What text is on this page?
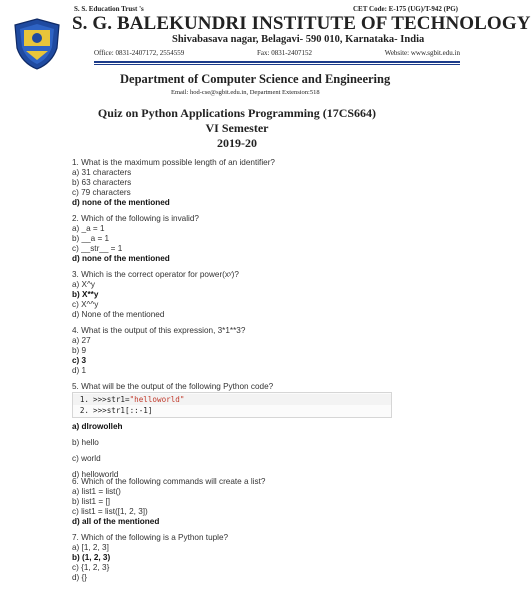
S. S. Education Trust 's	CET Code: E-175 (UG)/T-942 (PG)
S. G. BALEKUNDRI INSTITUTE OF TECHNOLOGY
Shivabasava nagar, Belagavi- 590 010, Karnataka- India
Office: 0831-2407172, 2554559	Fax: 0831-2407152	Website: www.sgbit.edu.in
Department of Computer Science and Engineering
Email: hod-cse@sgbit.edu.in, Department Extension:518
Quiz on Python Applications Programming (17CS664)
VI Semester
2019-20
1. What is the maximum possible length of an identifier?
a) 31 characters
b) 63 characters
c) 79 characters
d) none of the mentioned
2. Which of the following is invalid?
a) _a = 1
b) __a = 1
c) __str__ = 1
d) none of the mentioned
3. Which is the correct operator for power(xʸ)?
a) X^y
b) X**y
c) X^^y
d) None of the mentioned
4. What is the output of this expression, 3*1**3?
a) 27
b) 9
c) 3
d) 1
5. What will be the output of the following Python code?
1. >>>str1="helloworld"
2. >>>str1[::-1]
a) dlrowolleh
b) hello
c) world
d) helloworld
6. Which of the following commands will create a list?
a) list1 = list()
b) list1 = []
c) list1 = list([1, 2, 3])
d) all of the mentioned
7. Which of the following is a Python tuple?
a) [1, 2, 3]
b) (1, 2, 3)
c) {1, 2, 3}
d) {}
